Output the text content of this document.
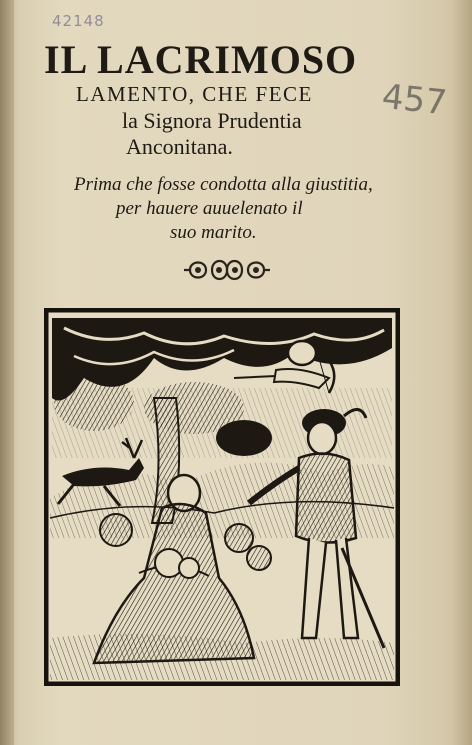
42148
457
IL LACRIMOSO
LAMENTO, CHE FECE
la Signora Prudentia
Anconitana.
Prima che fosse condotta alla giustitia,
per hauere auuelenato il
suo marito.
